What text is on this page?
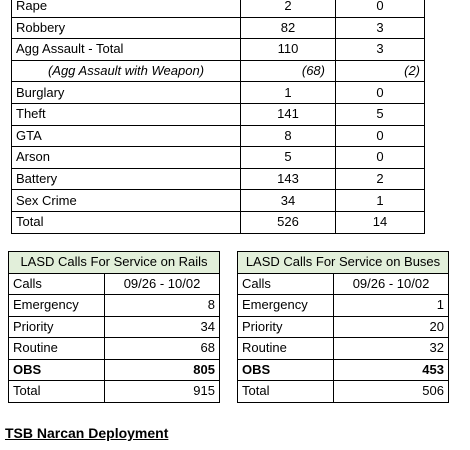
Rape	2	0
Robbery	82	3
Agg Assault - Total	110	3
(Agg Assault with Weapon)	(68)	(2)
Burglary	1	0
Theft	141	5
GTA	8	0
Arson	5	0
Battery	143	2
Sex Crime	34	1
Total	526	14
LASD Calls For Service on Rails	
Calls	09/26 - 10/02
Emergency	8
Priority	34
Routine	68
OBS	805
Total	915
LASD Calls For Service on Buses	
Calls	09/26 - 10/02
Emergency	1
Priority	20
Routine	32
OBS	453
Total	506
TSB Narcan Deployment
